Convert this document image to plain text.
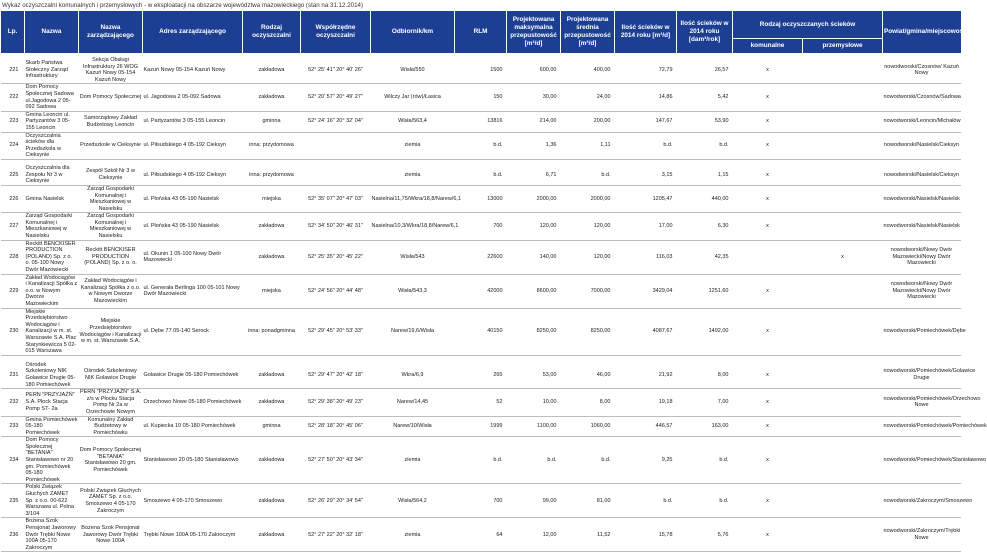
Wykaz oczyszczalni komunalnych i przemysłowych - w eksploatacji na obszarze województwa mazowieckiego (stan na 31.12.2014)
Lp.	Nazwa	Nazwa zarządzającego	Adres zarządzającego	Rodzaj oczyszczalni	Współrzędne oczyszczalni	Odbiornik/km	RLM	Projektowana maksymalna przepustowość [m³/d]	Projektowana średnia przepustowość [m³/d]	Ilość ścieków w 2014 roku [m³/d]	Ilość ścieków w 2014 roku [dam³/rok]	Rodzaj oczyszczanych ścieków		Powiat/gmina/miejscowość
												komunalne	przemysłowe	

221	Skarb Państwa Stołeczny Zarząd Infrastruktury	Sekcja Obsługi Infrastruktury 26 WOG Kazuń Nowy 05-154 Kazuń Nowy	Kazuń Nowy 05-154 Kazuń Nowy	zakładowa	52° 25' 41" 20° 40' 26"	Wisła/550	1500	600,00	400,00	72,79	26,57	x		nowodworski/Czosnów/ Kazuń Nowy
222	Dom Pomocy Społecznej Sadowa ul.Jagodowa 2 05-092 Sadowa	Dom Pomocy Społecznej	ul. Jagodowa 2 05-092 Sadowa	zakładowa	52° 20' 57" 20° 49' 27"	Wilczy Jar (rów)/Łasica	150	30,00	24,00	14,86	5,42	x		nowodworski/Czosnów/Sadowa
223	Gmina Leoncin ul. Partyzantów 3 05-155 Leoncin	Samorządowy Zakład Budżetowy Leoncin	ul. Partyzantów 3 05-155 Leoncin	gminna	52° 24' 16" 20° 32' 04"	Wisła/563,4	13816	214,00	200,00	147,67	53,90	x		nowodworski/Leoncin/Michałów
224	Oczyszczalnia ścieków dla Przedszkola w Cieksynie	Przedszkole w Cieksynie	ul. Piłsudskiego 4 05-192 Cieksyn	inna: przydomowa		ziemia	b.d.	1,36	1,11	b.d.	b.d.	x		nowodworski/Nasielsk/Cieksyn

225	Oczyszczalnia dla Zespołu Nr 3 w Cieksynie	Zespół Szkół Nr 3 w Cieksynie	ul. Piłsudskiego 4 05-192 Cieksyn	inna: przydomowa		ziemia	b.d.	6,71	b.d.	3,15	1,15	x		nowodworski/Nasielsk/Cieksyn
226	Gmina Nasielsk	Zarząd Gospodarki Komunalnej i Mieszkaniowej w Nasielsku	ul. Płońska 43 05-190 Nasielsk	miejska	52° 35' 07" 20° 47' 03"	Nasielna/11,75/Wkra/18,8/Narew/6,1	13000	2000,00	2000,00	1205,47	440,00	x		nowodworski/Nasielsk/Nasielsk
227	Zarząd Gospodarki Komunalnej i Mieszkaniowej w Nasielsku	Zarząd Gospodarki Komunalnej i Mieszkaniowej w Nasielsku	ul. Płońska 43 05-190 Nasielsk	zakładowa	52° 34' 50" 20° 46' 31"	Nasielna/10,3/Wkra/18,8/Narew/6,1	700	120,00	120,00	17,00	6,30	x		nowodworski/Nasielsk/Nasielsk
228	Reckitt BENCKISER PRODUCTION (POLAND) Sp. z o. o. 05-100 Nowy Dwór Mazowiecki	Reckitt BENCKISER PRODUCTION (POLAND) Sp. z o. o.	ul. Okunin 1 05-100 Nowy Dwór Mazowiecki	zakładowa	52° 25' 35" 20° 45' 22"	Wisła/543	22600	140,00	120,00	116,03	42,35		x	nowodworski/Nowy Dwór Mazowiecki/Nowy Dwór Mazowiecki
229	Zakład Wodociągów i Kanalizacji Spółka z o.o. w Nowym Dworze Mazowieckim	Zakład Wodociągów i Kanalizacji Spółka z o.o. w Nowym Dworze Mazowieckim	ul. Generała Berlinga 100 05-101 Nowy Dwór Mazowiecki	miejska	52° 24' 56" 20° 44' 48"	Wisła/543,3	42000	8600,00	7000,00	3429,04	1251,60	x		nowodworski/Nowy Dwór Mazowiecki/Nowy Dwór Mazowiecki
230	Miejskie Przedsiębiorstwo Wodociągów i Kanalizacji w m. st. Warszawie S.A. Plac Starynkiewicza 5 02-015 Warszawa	Miejskie Przedsiębiorstwo Wodociągów i Kanalizacji w m. st. Warszawie S.A.	ul. Dębe 77 05-140 Serock	inna: ponadgminna	52° 29' 45" 20° 53' 33"	Narew/19,6/Wisła	40150	8250,00	8250,00	4087,67	1492,00	x		nowodworski/Pomiechówek/Dębe

231	Ośrodek Szkoleniowy NIK Golawice Drugie 05-180 Pomiechówek	Ośrodek Szkoleniowy NIK Golawice Drugie	Golawice Drugie 05-180 Pomiechówek	zakładowa	52° 29' 47" 20° 42' 18"	Wkra/6,9	265	53,00	46,00	21,92	8,00	x		nowodworski/Pomiechówek/Golawice Drugie
232	PERN "PRZYJAŹŃ" S.A. Płock Stacja Pomp ST- 2a	PERN "PRZYJAŹŃ" S.A. z/s w Płocku Stacja Pomp Nr 2a w Orzechowie Nowym	Orzechowo Nowe 05-180 Pomiechówek	zakładowa	52° 29' 38" 20° 49' 23"	Narew/14,45	52	10,00	8,00	19,18	7,00	x		nowodworski/Pomiechówek/Orzechowo Nowe
233	Gmina Pomiechówek 05-180 Pomiechówek	Komunalny Zakład Budżetowy w Pomiechówku	ul. Kupiecka 10 05-180 Pomiechówek	gminna	52° 28' 18" 20° 45' 06"	Narew/10/Wisła	1999	1100,00	1060,00	446,57	163,00	x		nowodworski/Pomiechówek/Pomiechówek
234	Dom Pomocy Społecznej "BETANIA" Stanisławowo nr 20 gm. Pomiechówek 05-180 Pomiechówek	Dom Pomocy Społecznej "BETANIA" Stanisławowo 20 gm. Pomiechówek	Stanisławowo 20 05-180 Stanisławowo	zakładowa	52° 27' 50" 20° 43' 34"	ziemia	b.d.	b.d.	b.d.	9,25	b.d.	x		nowodworski/Pomiechówek/Stanisławowo
235	Polski Związek Głuchych ZAMET Sp. z o.o. 00-622 Warszawa ul. Polna 3/104	Polski Związek Głuchych ZAMET Sp. z o.o. Smoszewo 4 05-170 Zakroczym	Smoszewo 4 05-170 Smoszewo	zakładowa	52° 26' 29" 20° 34' 54"	Wisła/564,2	700	99,00	81,00	b.d.	b.d.	x		nowodworski/Zakroczym/Smoszewo
236	Bożena Szok Pensjonat Jaworowy Dwór Trębki Nowe 100A 05-170 Zakroczym	Bożena Szok Pensjonat Jaworowy Dwór Trębki Nowe 100A	Trębki Nowe 100A 05-170 Zakroczym	zakładowa	52° 27' 22" 20° 32' 18"	ziemia	64	12,00	11,52	15,78	5,76	x		nowodworski/Zakroczym/Trębki Nowe
